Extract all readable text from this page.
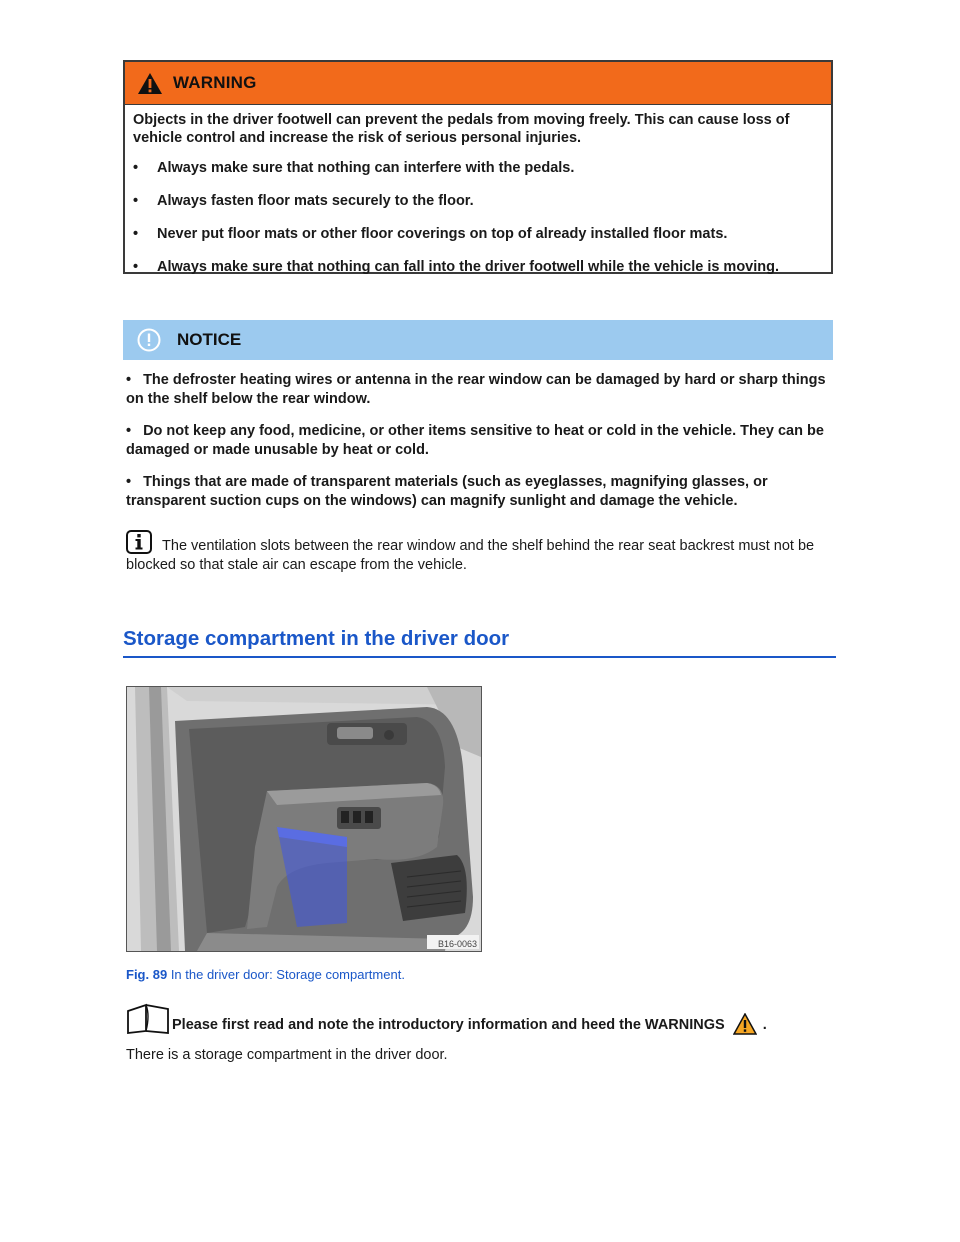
WARNING

Objects in the driver footwell can prevent the pedals from moving freely. This can cause loss of vehicle control and increase the risk of serious personal injuries.

• Always make sure that nothing can interfere with the pedals.
• Always fasten floor mats securely to the floor.
• Never put floor mats or other floor coverings on top of already installed floor mats.
• Always make sure that nothing can fall into the driver footwell while the vehicle is moving.
NOTICE

• The defroster heating wires or antenna in the rear window can be damaged by hard or sharp things on the shelf below the rear window.

• Do not keep any food, medicine, or other items sensitive to heat or cold in the vehicle. They can be damaged or made unusable by heat or cold.

• Things that are made of transparent materials (such as eyeglasses, magnifying glasses, or transparent suction cups on the windows) can magnify sunlight and damage the vehicle.

The ventilation slots between the rear window and the shelf behind the rear seat backrest must not be blocked so that stale air can escape from the vehicle.
Storage compartment in the driver door
B16-0063
Fig. 89 In the driver door: Storage compartment.
Please first read and note the introductory information and heed the WARNINGS	.
There is a storage compartment in the driver door.
